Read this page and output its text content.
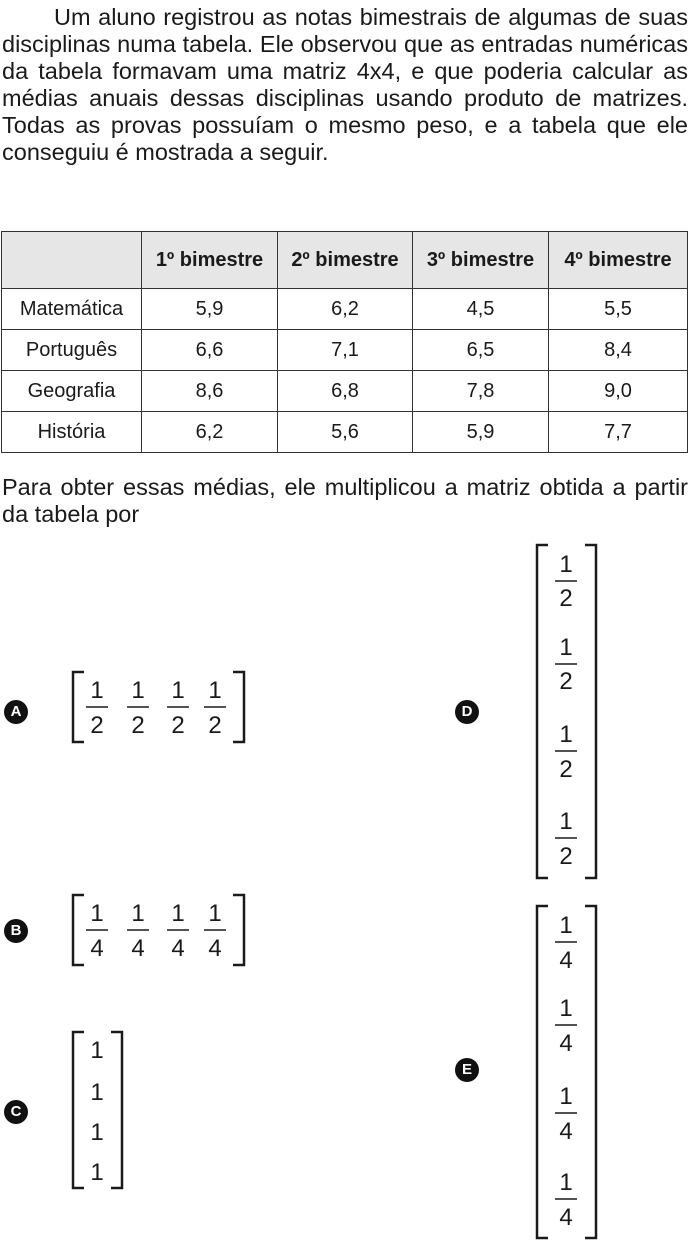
Um aluno registrou as notas bimestrais de algumas de suas disciplinas numa tabela. Ele observou que as entradas numéricas da tabela formavam uma matriz 4x4, e que poderia calcular as médias anuais dessas disciplinas usando produto de matrizes. Todas as provas possuíam o mesmo peso, e a tabela que ele conseguiu é mostrada a seguir.

	1º bimestre	2º bimestre	3º bimestre	4º bimestre
Matemática	5,9	6,2	4,5	5,5
Português	6,6	7,1	6,5	8,4
Geografia	8,6	6,8	7,8	9,0
História	6,2	5,6	5,9	7,7

Para obter essas médias, ele multiplicou a matriz obtida a partir da tabela por

A
B
C
D
E
1
2
1
2
1
2
1
2
1
4
1
4
1
4
1
4
1
1
1
1
1
2
1
2
1
2
1
2
1
4
1
4
1
4
1
4
